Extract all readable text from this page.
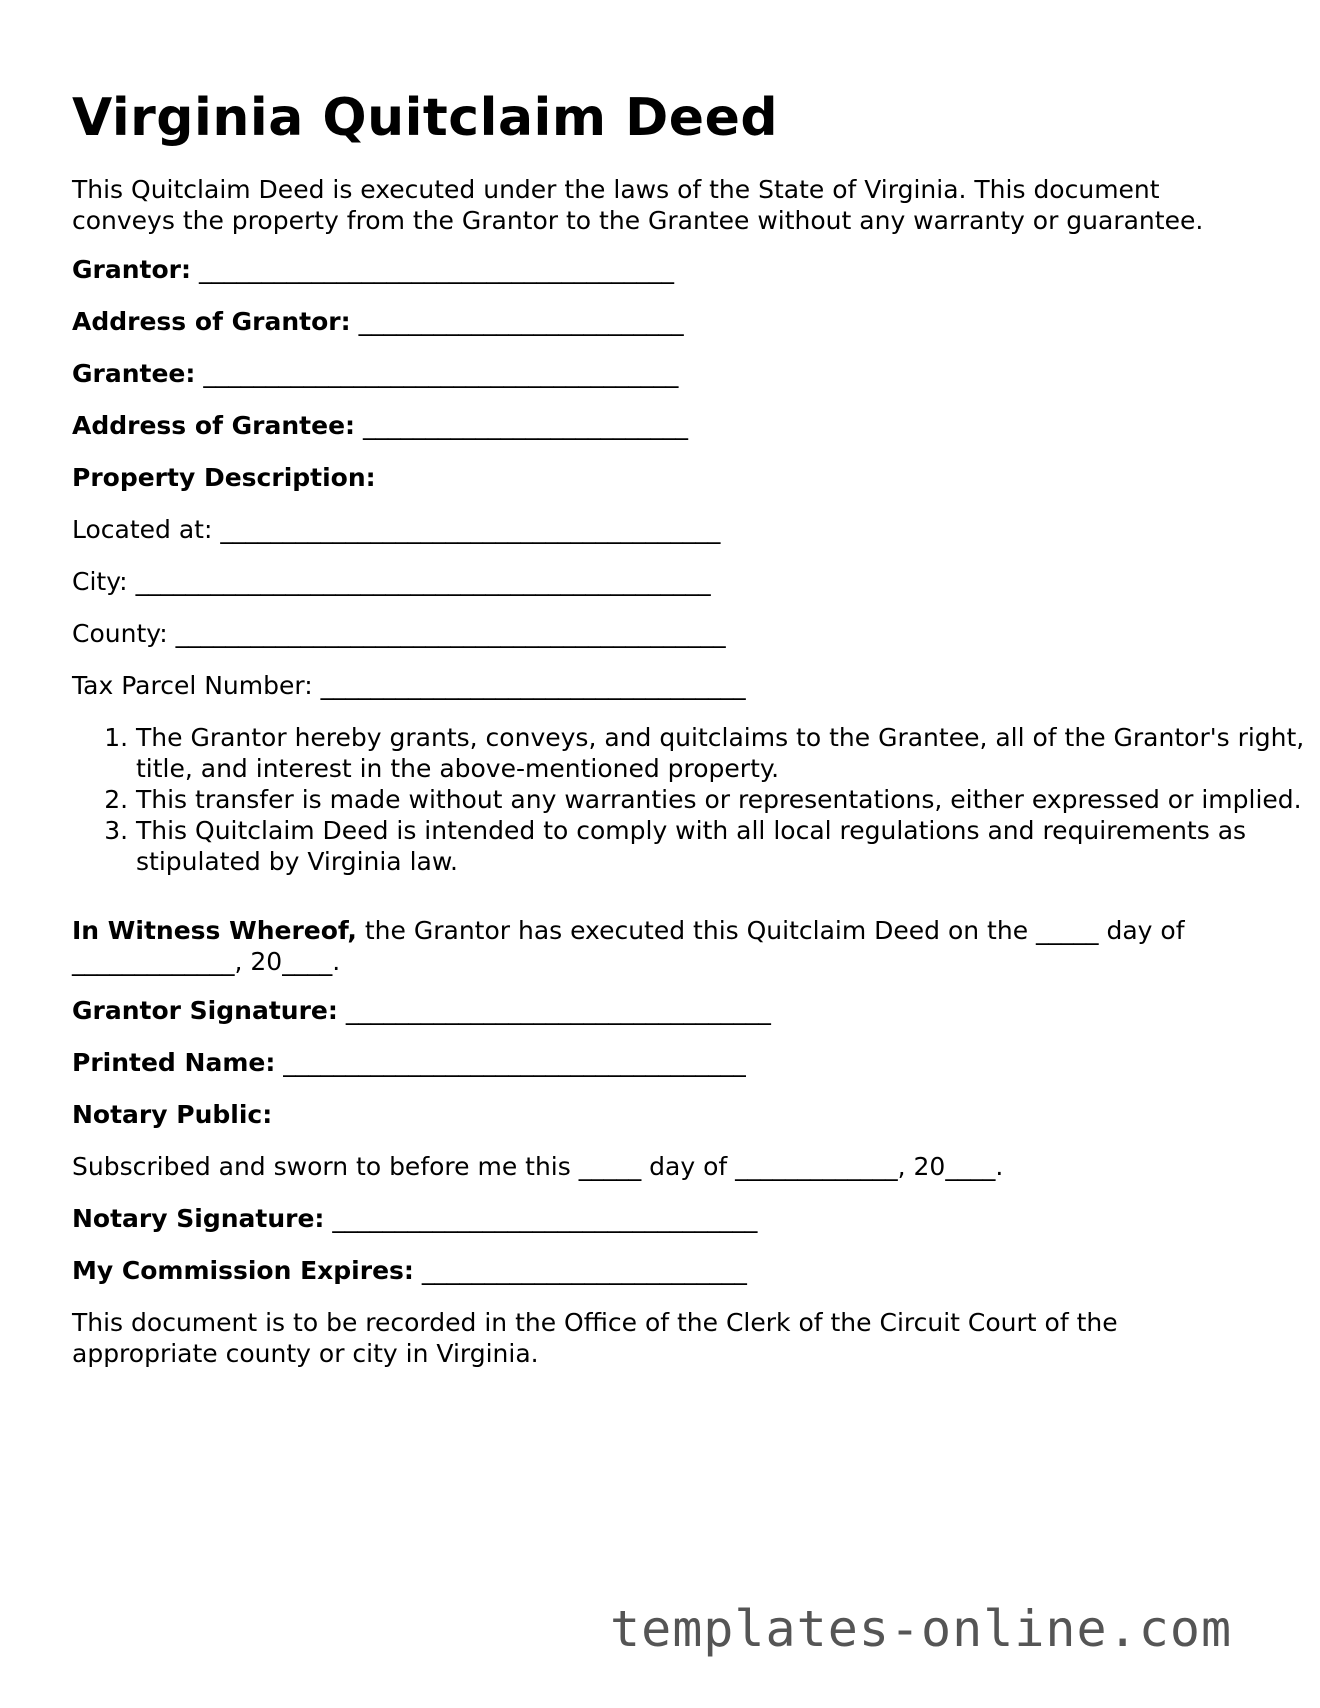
Virginia Quitclaim Deed

This Quitclaim Deed is executed under the laws of the State of Virginia. This document
conveys the property from the Grantor to the Grantee without any warranty or guarantee.

Grantor: ______________________________________

Address of Grantor: __________________________

Grantee: ______________________________________

Address of Grantee: __________________________

Property Description:

Located at: ________________________________________

City: ______________________________________________

County: ____________________________________________

Tax Parcel Number: __________________________________

1. The Grantor hereby grants, conveys, and quitclaims to the Grantee, all of the Grantor's right, title, and interest in the above-mentioned property.
2. This transfer is made without any warranties or representations, either expressed or implied.
3. This Quitclaim Deed is intended to comply with all local regulations and requirements as stipulated by Virginia law.

In Witness Whereof, the Grantor has executed this Quitclaim Deed on the _____ day of
_____________, 20____.

Grantor Signature: __________________________________

Printed Name: _____________________________________

Notary Public:

Subscribed and sworn to before me this _____ day of _____________, 20____.

Notary Signature: __________________________________

My Commission Expires: __________________________

This document is to be recorded in the Office of the Clerk of the Circuit Court of the
appropriate county or city in Virginia.

templates-online.com
